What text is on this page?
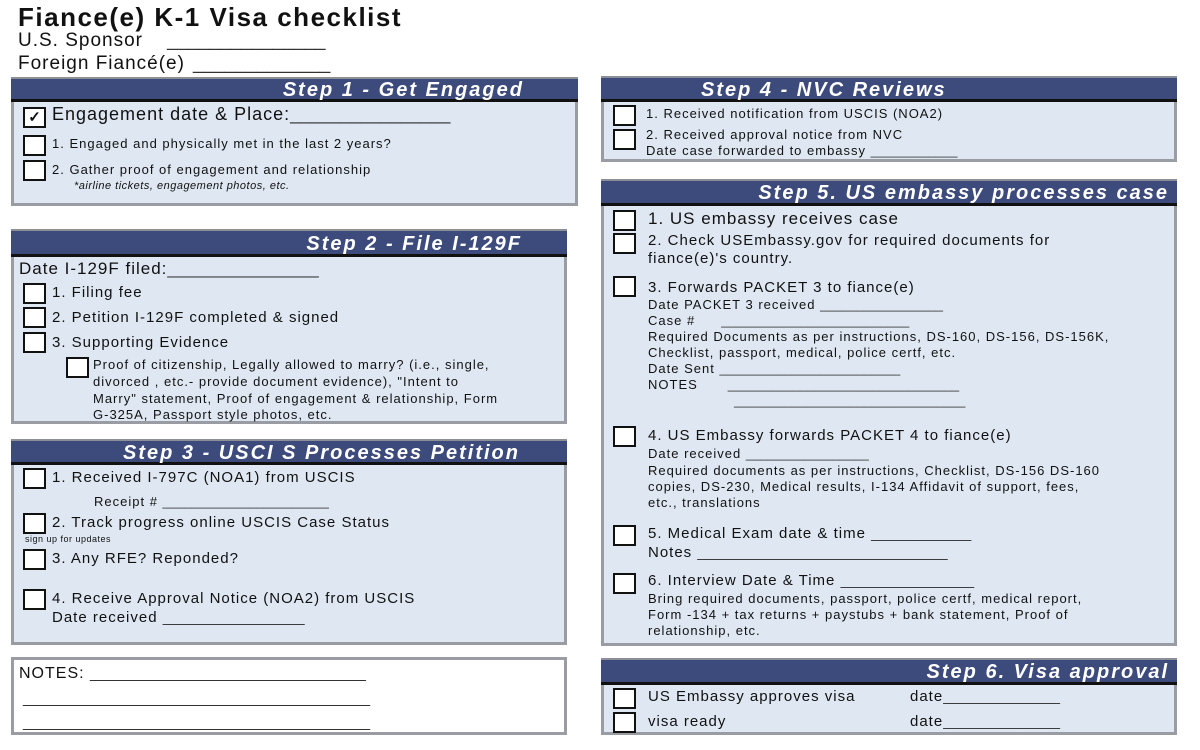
Fiance(e) K-1 Visa checklist
U.S. Sponsor _______________
Foreign Fiancé(e) _____________
Step 1 - Get Engaged
✓ Engagement date & Place:________________
1. Engaged and physically met in the last 2 years?
2. Gather proof of engagement and relationship
*airline tickets, engagement photos, etc.
Step 2 - File I-129F
Date I-129F filed:________________
1. Filing fee
2. Petition I-129F completed & signed
3. Supporting Evidence
Proof of citizenship, Legally allowed to marry? (i.e., single,
divorced , etc.- provide document evidence), "Intent to
Marry" statement, Proof of engagement & relationship, Form
G-325A, Passport style photos, etc.
Step 3 - USCI S Processes Petition
1. Received I-797C (NOA1) from USCIS
Receipt # _______________________
2. Track progress online USCIS Case Status
sign up for updates
3. Any RFE? Reponded?
4. Receive Approval Notice (NOA2) from USCIS
Date received _________________
NOTES: _______________________________
_______________________________________
_______________________________________
Step 4 - NVC Reviews
1. Received notification from USCIS (NOA2)
2. Received approval notice from NVC
Date case forwarded to embassy ____________
Step 5. US embassy processes case
1. US embassy receives case
2. Check USEmbassy.gov for required documents for
fiance(e)'s country.
3. Forwards PACKET 3 to fiance(e)
Date PACKET 3 received _________________
Case # __________________________
Required Documents as per instructions, DS-160, DS-156, DS-156K,
Checklist, passport, medical, police certf, etc.
Date Sent _________________________
NOTES ________________________________
________________________________
4. US Embassy forwards PACKET 4 to fiance(e)
Date received _________________
Required documents as per instructions, Checklist, DS-156 DS-160
copies, DS-230, Medical results, I-134 Affidavit of support, fees,
etc., translations
5. Medical Exam date & time ____________
Notes ______________________________
6. Interview Date & Time ________________
Bring required documents, passport, police certf, medical report,
Form -134 + tax returns + paystubs + bank statement, Proof of
relationship, etc.
Step 6. Visa approval
US Embassy approves visa	date______________
visa ready	date______________
